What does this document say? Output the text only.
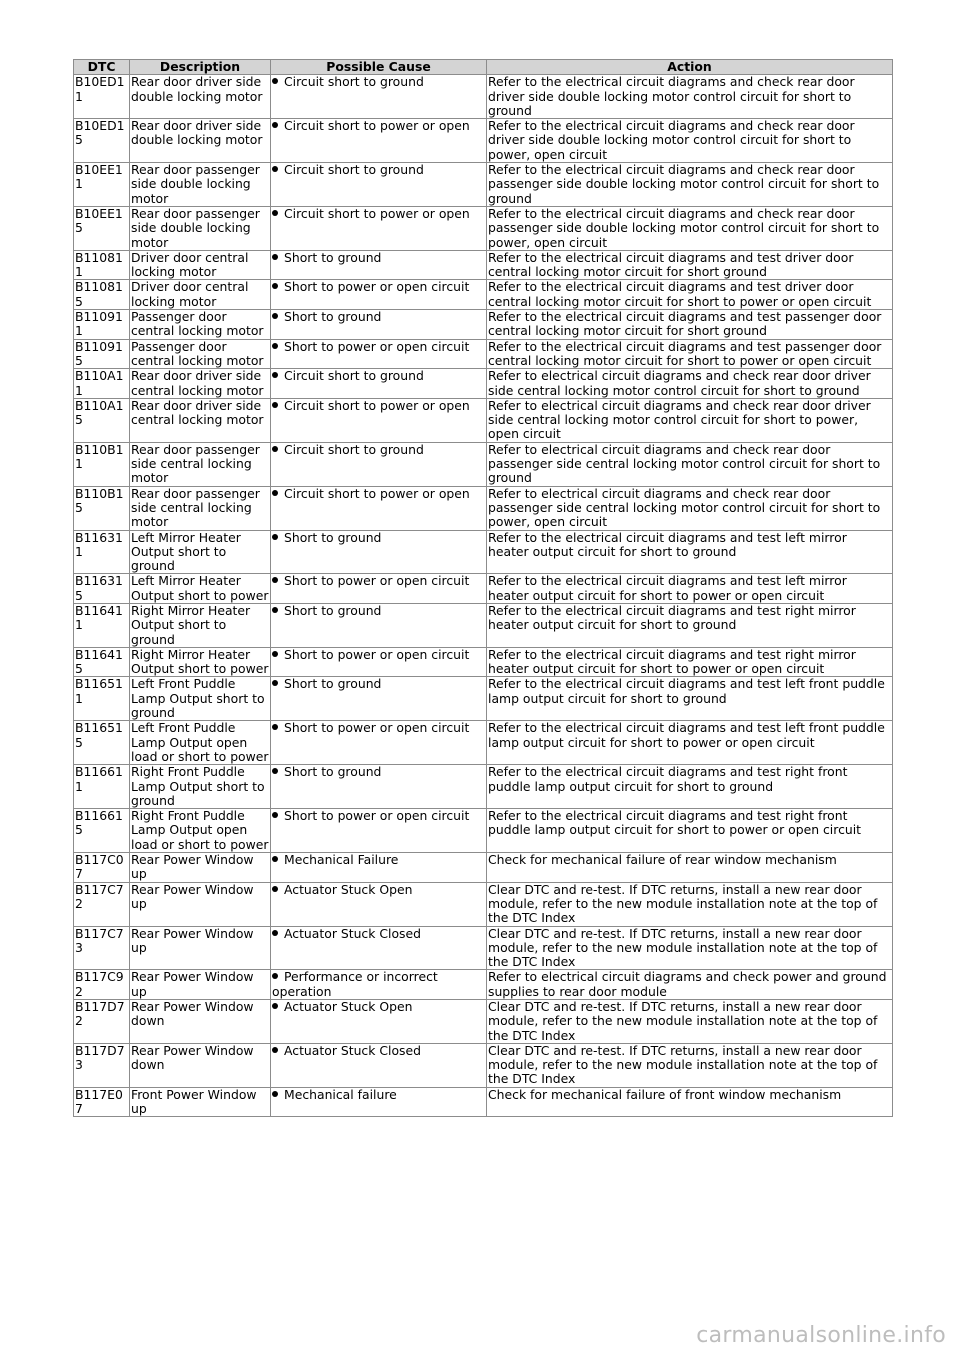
DTC	Description	Possible Cause	Action
B10ED11	Rear door driver side double locking motor	Circuit short to ground	Refer to the electrical circuit diagrams and check rear door driver side double locking motor control circuit for short to ground
B10ED15	Rear door driver side double locking motor	Circuit short to power or open	Refer to the electrical circuit diagrams and check rear door driver side double locking motor control circuit for short to power, open circuit
B10EE11	Rear door passenger side double locking motor	Circuit short to ground	Refer to the electrical circuit diagrams and check rear door passenger side double locking motor control circuit for short to ground
B10EE15	Rear door passenger side double locking motor	Circuit short to power or open	Refer to the electrical circuit diagrams and check rear door passenger side double locking motor control circuit for short to power, open circuit
B110811	Driver door central locking motor	Short to ground	Refer to the electrical circuit diagrams and test driver door central locking motor circuit for short ground
B110815	Driver door central locking motor	Short to power or open circuit	Refer to the electrical circuit diagrams and test driver door central locking motor circuit for short to power or open circuit
B110911	Passenger door central locking motor	Short to ground	Refer to the electrical circuit diagrams and test passenger door central locking motor circuit for short ground
B110915	Passenger door central locking motor	Short to power or open circuit	Refer to the electrical circuit diagrams and test passenger door central locking motor circuit for short to power or open circuit
B110A11	Rear door driver side central locking motor	Circuit short to ground	Refer to electrical circuit diagrams and check rear door driver side central locking motor control circuit for short to ground
B110A15	Rear door driver side central locking motor	Circuit short to power or open	Refer to electrical circuit diagrams and check rear door driver side central locking motor control circuit for short to power, open circuit
B110B11	Rear door passenger side central locking motor	Circuit short to ground	Refer to electrical circuit diagrams and check rear door passenger side central locking motor control circuit for short to ground
B110B15	Rear door passenger side central locking motor	Circuit short to power or open	Refer to electrical circuit diagrams and check rear door passenger side central locking motor control circuit for short to power, open circuit
B116311	Left Mirror Heater Output short to ground	Short to ground	Refer to the electrical circuit diagrams and test left mirror heater output circuit for short to ground
B116315	Left Mirror Heater Output short to power	Short to power or open circuit	Refer to the electrical circuit diagrams and test left mirror heater output circuit for short to power or open circuit
B116411	Right Mirror Heater Output short to ground	Short to ground	Refer to the electrical circuit diagrams and test right mirror heater output circuit for short to ground
B116415	Right Mirror Heater Output short to power	Short to power or open circuit	Refer to the electrical circuit diagrams and test right mirror heater output circuit for short to power or open circuit
B116511	Left Front Puddle Lamp Output short to ground	Short to ground	Refer to the electrical circuit diagrams and test left front puddle lamp output circuit for short to ground
B116515	Left Front Puddle Lamp Output open load or short to power	Short to power or open circuit	Refer to the electrical circuit diagrams and test left front puddle lamp output circuit for short to power or open circuit
B116611	Right Front Puddle Lamp Output short to ground	Short to ground	Refer to the electrical circuit diagrams and test right front puddle lamp output circuit for short to ground
B116615	Right Front Puddle Lamp Output open load or short to power	Short to power or open circuit	Refer to the electrical circuit diagrams and test right front puddle lamp output circuit for short to power or open circuit
B117C07	Rear Power Window up	Mechanical Failure	Check for mechanical failure of rear window mechanism
B117C72	Rear Power Window up	Actuator Stuck Open	Clear DTC and re-test. If DTC returns, install a new rear door module, refer to the new module installation note at the top of the DTC Index
B117C73	Rear Power Window up	Actuator Stuck Closed	Clear DTC and re-test. If DTC returns, install a new rear door module, refer to the new module installation note at the top of the DTC Index
B117C92	Rear Power Window up	Performance or incorrect operation	Refer to electrical circuit diagrams and check power and ground supplies to rear door module
B117D72	Rear Power Window down	Actuator Stuck Open	Clear DTC and re-test. If DTC returns, install a new rear door module, refer to the new module installation note at the top of the DTC Index
B117D73	Rear Power Window down	Actuator Stuck Closed	Clear DTC and re-test. If DTC returns, install a new rear door module, refer to the new module installation note at the top of the DTC Index
B117E07	Front Power Window up	Mechanical failure	Check for mechanical failure of front window mechanism
carmanualsonline.info
